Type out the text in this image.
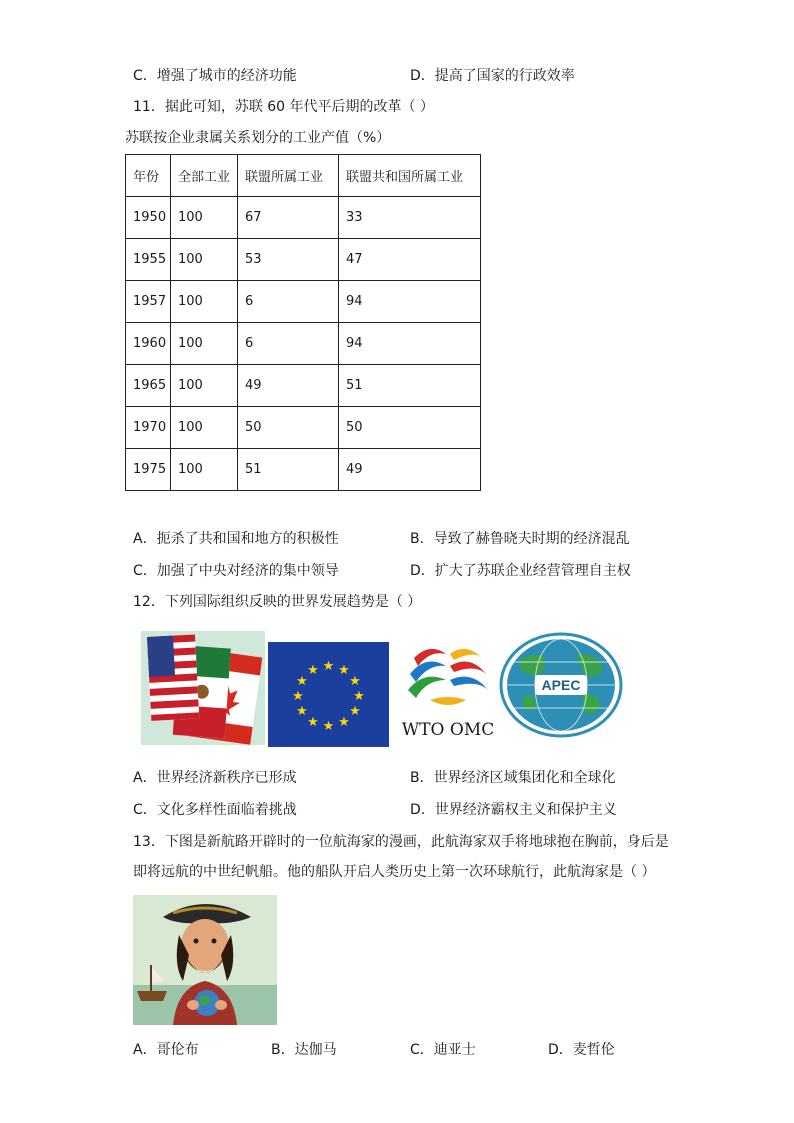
C．增强了城市的经济功能	D．提高了国家的行政效率
11．据此可知，苏联 60 年代平后期的改革（ ）
苏联按企业隶属关系划分的工业产值（%）
年份	全部工业	联盟所属工业	联盟共和国所属工业
1950	100	67	33
1955	100	53	47
1957	100	6	94
1960	100	6	94
1965	100	49	51
1970	100	50	50
1975	100	51	49
A．扼杀了共和国和地方的积极性	B．导致了赫鲁晓夫时期的经济混乱
C．加强了中央对经济的集中领导	D．扩大了苏联企业经营管理自主权
12．下列国际组织反映的世界发展趋势是（ ）
★ ★
★
★
★
★
★
★
★
★
★
★
WTO OMC
APEC
A．世界经济新秩序已形成	B．世界经济区域集团化和全球化
C．文化多样性面临着挑战	D．世界经济霸权主义和保护主义
13．下图是新航路开辟时的一位航海家的漫画，此航海家双手将地球抱在胸前，身后是
即将远航的中世纪帆船。他的船队开启人类历史上第一次环球航行，此航海家是（ ）
A．哥伦布	B．达伽马	C．迪亚士	D．麦哲伦
